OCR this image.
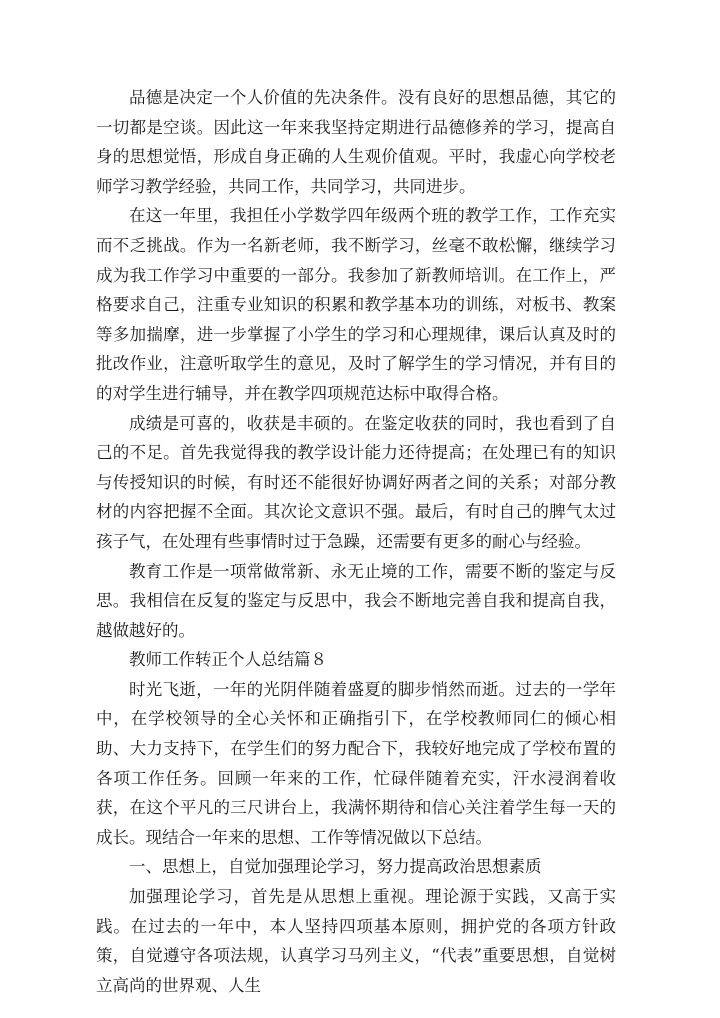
品德是决定一个人价值的先决条件。没有良好的思想品德，其它的一切都是空谈。因此这一年来我坚持定期进行品德修养的学习，提高自身的思想觉悟，形成自身正确的人生观价值观。平时，我虚心向学校老师学习教学经验，共同工作，共同学习，共同进步。

在这一年里，我担任小学数学四年级两个班的教学工作，工作充实而不乏挑战。作为一名新老师，我不断学习，丝毫不敢松懈，继续学习成为我工作学习中重要的一部分。我参加了新教师培训。在工作上，严格要求自己，注重专业知识的积累和教学基本功的训练，对板书、教案等多加揣摩，进一步掌握了小学生的学习和心理规律，课后认真及时的批改作业，注意听取学生的意见，及时了解学生的学习情况，并有目的的对学生进行辅导，并在教学四项规范达标中取得合格。

成绩是可喜的，收获是丰硕的。在鉴定收获的同时，我也看到了自己的不足。首先我觉得我的教学设计能力还待提高；在处理已有的知识与传授知识的时候，有时还不能很好协调好两者之间的关系；对部分教材的内容把握不全面。其次论文意识不强。最后，有时自己的脾气太过孩子气，在处理有些事情时过于急躁，还需要有更多的耐心与经验。

教育工作是一项常做常新、永无止境的工作，需要不断的鉴定与反思。我相信在反复的鉴定与反思中，我会不断地完善自我和提高自我，越做越好的。

教师工作转正个人总结篇８

时光飞逝，一年的光阴伴随着盛夏的脚步悄然而逝。过去的一学年中，在学校领导的全心关怀和正确指引下，在学校教师同仁的倾心相助、大力支持下，在学生们的努力配合下，我较好地完成了学校布置的各项工作任务。回顾一年来的工作，忙碌伴随着充实，汗水浸润着收获，在这个平凡的三尺讲台上，我满怀期待和信心关注着学生每一天的成长。现结合一年来的思想、工作等情况做以下总结。

一、思想上，自觉加强理论学习，努力提高政治思想素质

加强理论学习，首先是从思想上重视。理论源于实践，又高于实践。在过去的一年中，本人坚持四项基本原则，拥护党的各项方针政策，自觉遵守各项法规，认真学习马列主义，“代表”重要思想，自觉树立高尚的世界观、人生
